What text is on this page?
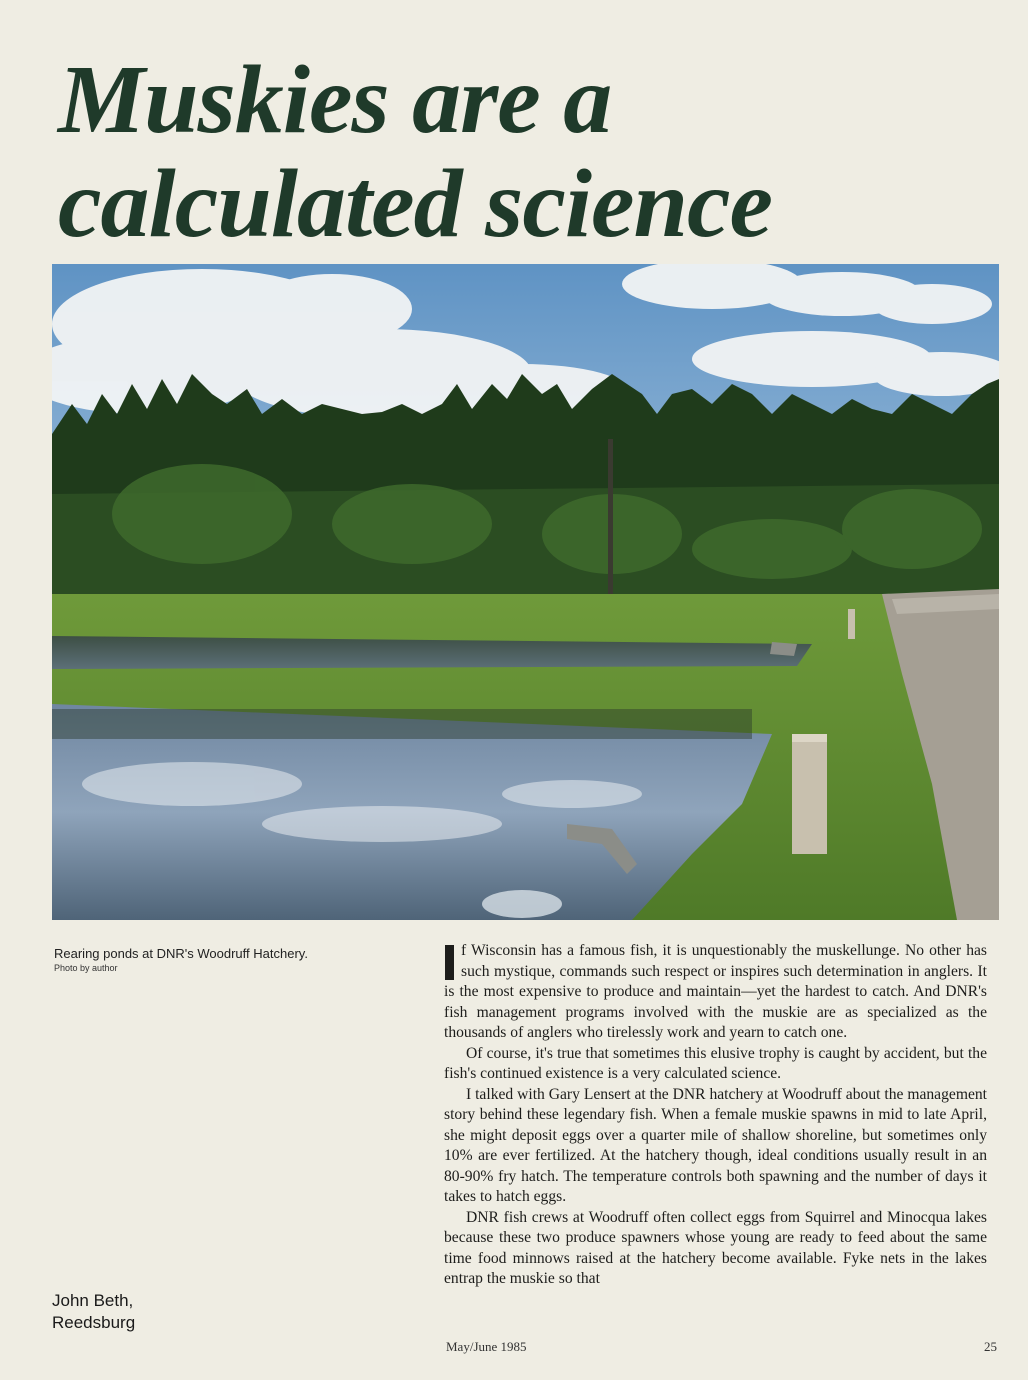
Muskies are a
calculated science
Rearing ponds at DNR's Woodruff Hatchery.
Photo by author
John Beth,
Reedsburg

f Wisconsin has a famous fish, it is unquestionably the muskellunge. No other has such mystique, commands such respect or inspires such determination in anglers. It is the most expensive to produce and maintain—yet the hardest to catch. And DNR's fish management programs involved with the muskie are as specialized as the thousands of anglers who tirelessly work and yearn to catch one.

Of course, it's true that sometimes this elusive trophy is caught by accident, but the fish's continued existence is a very calculated science.

I talked with Gary Lensert at the DNR hatchery at Woodruff about the management story behind these legendary fish. When a female muskie spawns in mid to late April, she might deposit eggs over a quarter mile of shallow shoreline, but sometimes only 10% are ever fertilized. At the hatchery though, ideal conditions usually result in an 80-90% fry hatch. The temperature controls both spawning and the number of days it takes to hatch eggs.

DNR fish crews at Woodruff often collect eggs from Squirrel and Minocqua lakes because these two produce spawners whose young are ready to feed about the same time food minnows raised at the hatchery become available. Fyke nets in the lakes entrap the muskie so that

May/June 1985	25
